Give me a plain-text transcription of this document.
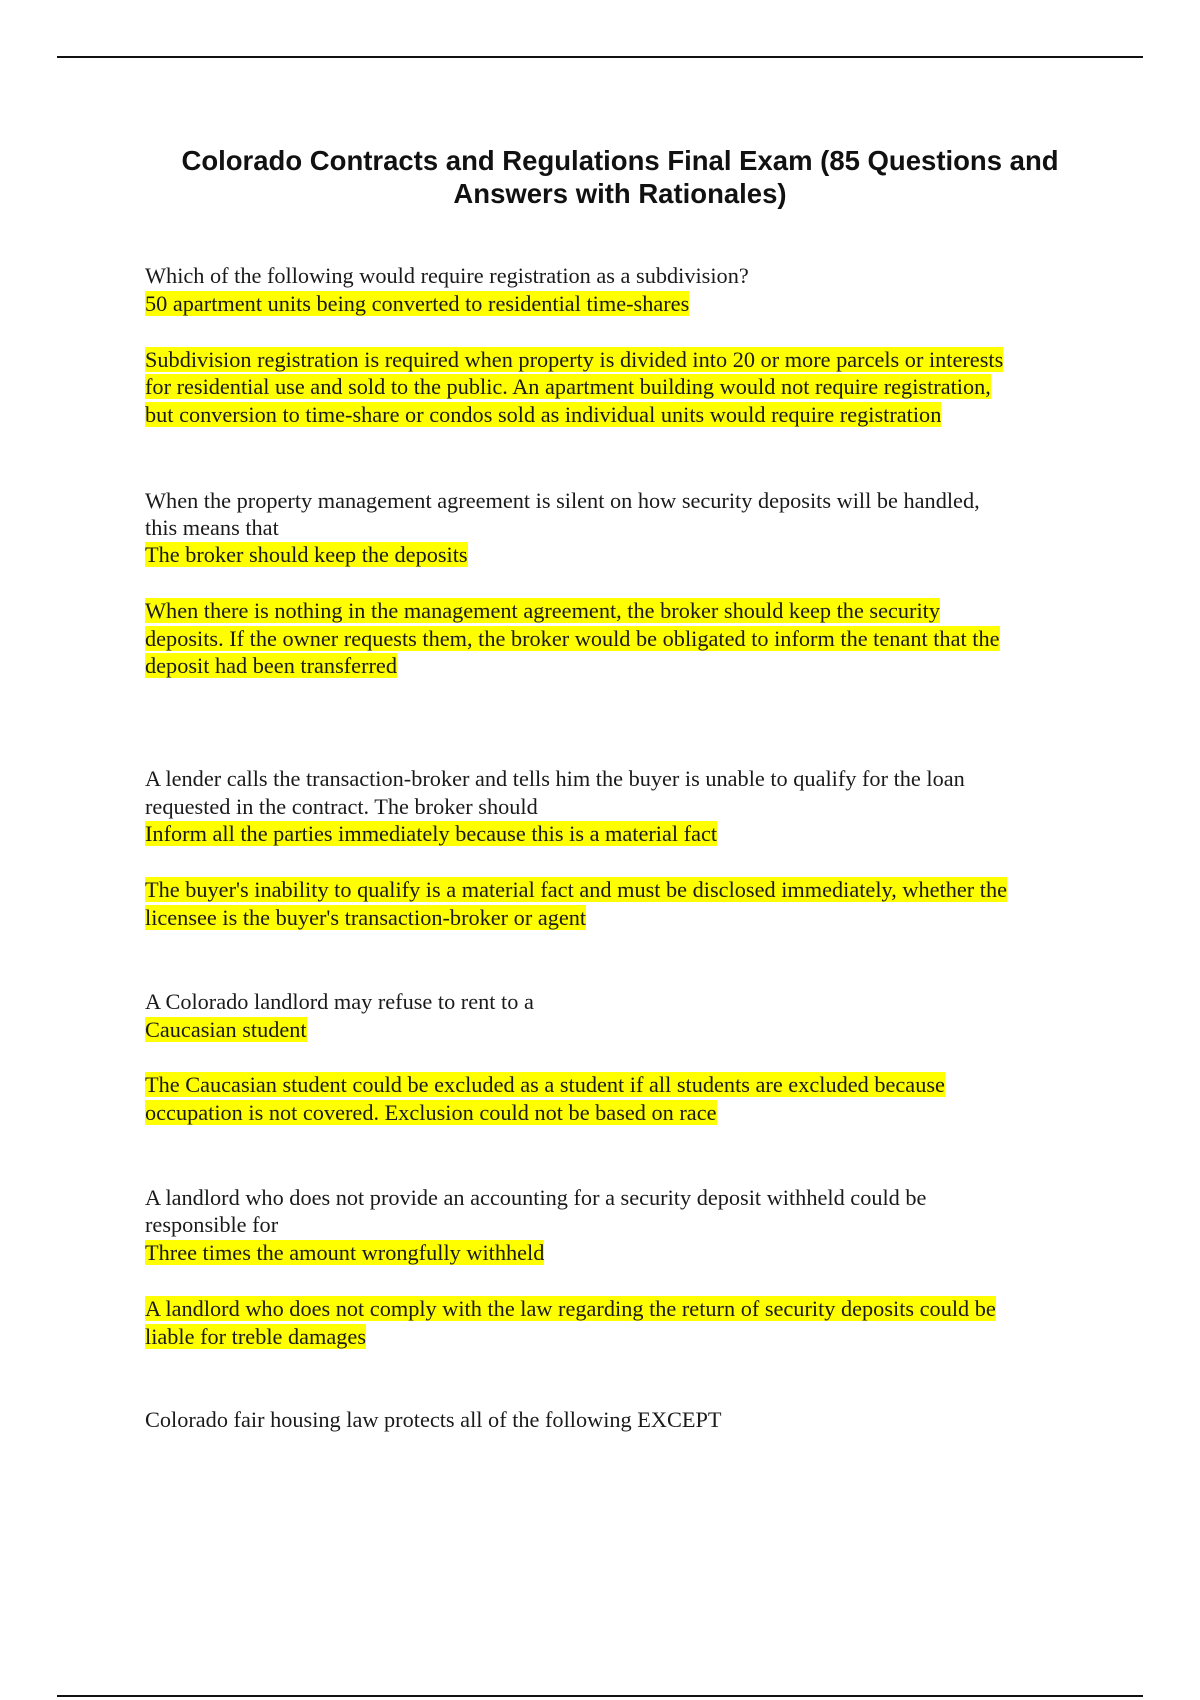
Colorado Contracts and Regulations Final Exam (85 Questions and
Answers with Rationales)
Which of the following would require registration as a subdivision?
50 apartment units being converted to residential time-shares
Subdivision registration is required when property is divided into 20 or more parcels or interests
for residential use and sold to the public. An apartment building would not require registration,
but conversion to time-share or condos sold as individual units would require registration
When the property management agreement is silent on how security deposits will be handled,
this means that
The broker should keep the deposits
When there is nothing in the management agreement, the broker should keep the security
deposits. If the owner requests them, the broker would be obligated to inform the tenant that the
deposit had been transferred
A lender calls the transaction-broker and tells him the buyer is unable to qualify for the loan
requested in the contract. The broker should
Inform all the parties immediately because this is a material fact
The buyer's inability to qualify is a material fact and must be disclosed immediately, whether the
licensee is the buyer's transaction-broker or agent
A Colorado landlord may refuse to rent to a
Caucasian student
The Caucasian student could be excluded as a student if all students are excluded because
occupation is not covered. Exclusion could not be based on race
A landlord who does not provide an accounting for a security deposit withheld could be
responsible for
Three times the amount wrongfully withheld
A landlord who does not comply with the law regarding the return of security deposits could be
liable for treble damages
Colorado fair housing law protects all of the following EXCEPT
